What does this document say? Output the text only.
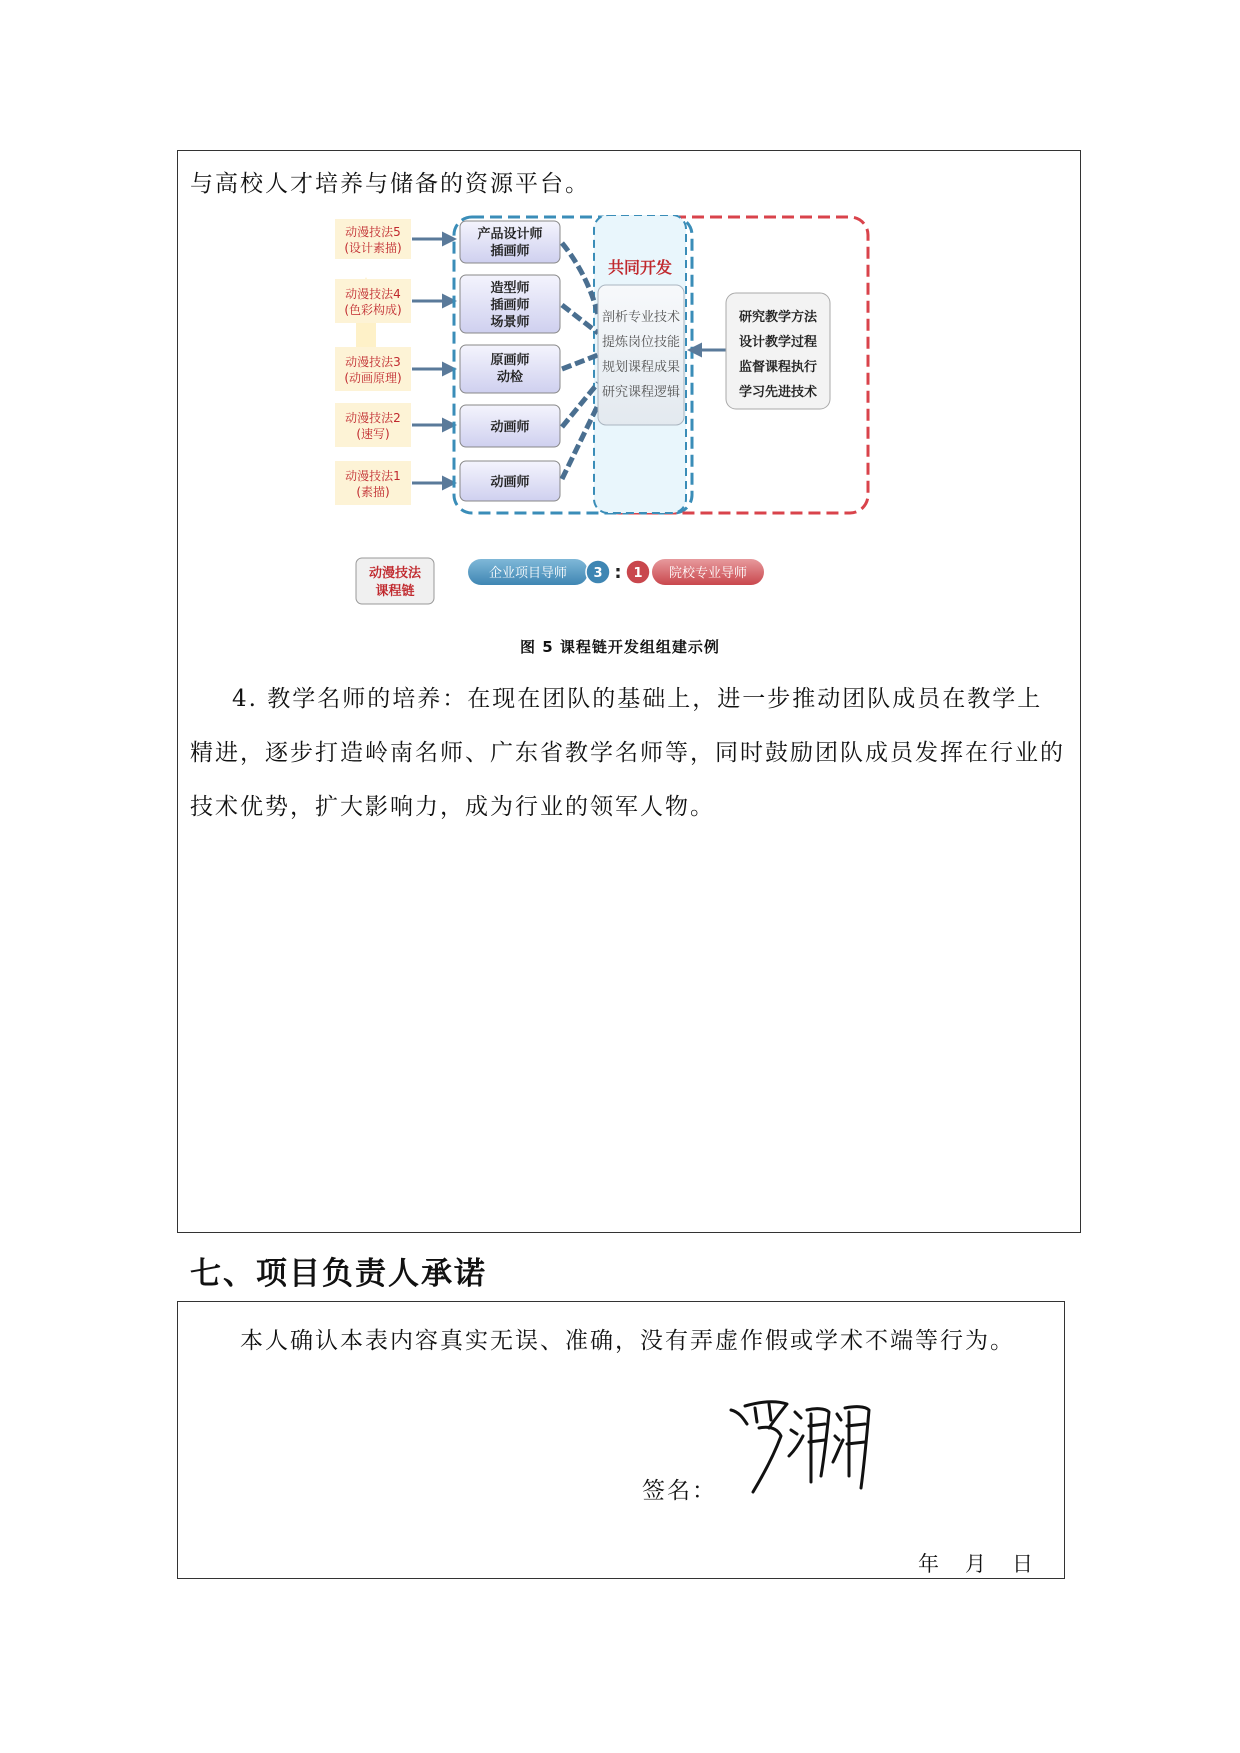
与高校人才培养与储备的资源平台。
动漫技法5
(设计素描)
动漫技法4
(色彩构成)
动漫技法3
(动画原理)
动漫技法2
(速写)
动漫技法1
(素描)
动漫技法
课程链
产品设计师
插画师
造型师
插画师
场景师
原画师
动检
动画师
动画师
共同开发
剖析专业技术
提炼岗位技能
规划课程成果
研究课程逻辑
研究教学方法
设计教学过程
监督课程执行
学习先进技术
企业项目导师 3 : 1 院校专业导师
图 5 课程链开发组组建示例
4. 教学名师的培养：在现在团队的基础上，进一步推动团队成员在教学上
精进，逐步打造岭南名师、广东省教学名师等，同时鼓励团队成员发挥在行业的
技术优势，扩大影响力，成为行业的领军人物。
七、项目负责人承诺
本人确认本表内容真实无误、准确，没有弄虚作假或学术不端等行为。
签名：
年 月 日
